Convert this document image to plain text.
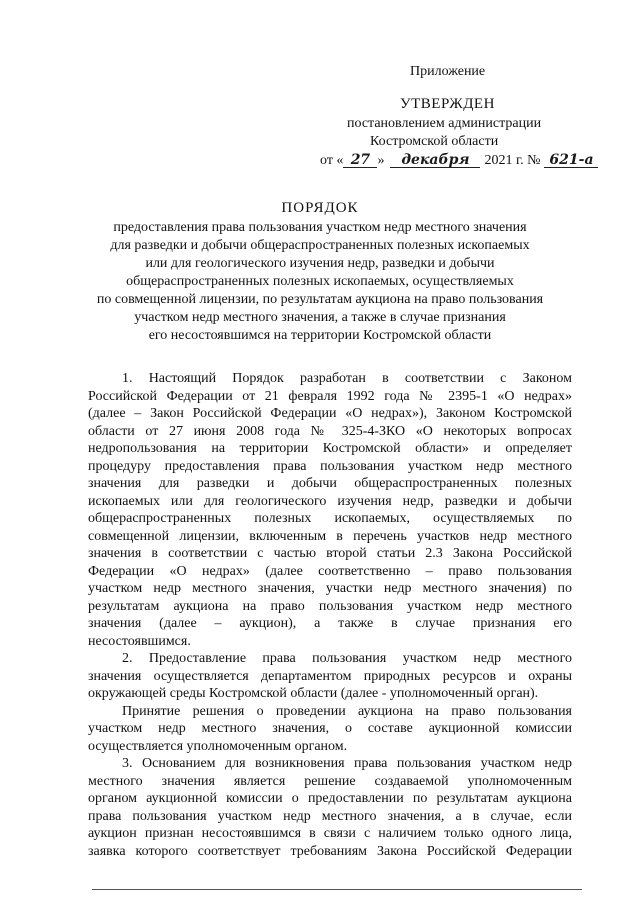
Приложение
УТВЕРЖДЕН
постановлением администрации
Костромской области
от « 27 » декабря 2021 г. № 621-а
ПОРЯДОК
предоставления права пользования участком недр местного значения
для разведки и добычи общераспространенных полезных ископаемых
или для геологического изучения недр, разведки и добычи
общераспространенных полезных ископаемых, осуществляемых
по совмещенной лицензии, по результатам аукциона на право пользования
участком недр местного значения, а также в случае признания
его несостоявшимся на территории Костромской области
1. Настоящий Порядок разработан в соответствии с Законом
Российской Федерации от 21 февраля 1992 года № 2395-1 «О недрах»
(далее – Закон Российской Федерации «О недрах»), Законом Костромской
области от 27 июня 2008 года № 325-4-ЗКО «О некоторых вопросах
недропользования на территории Костромской области» и определяет
процедуру предоставления права пользования участком недр местного
значения для разведки и добычи общераспространенных полезных
ископаемых или для геологического изучения недр, разведки и добычи
общераспространенных полезных ископаемых, осуществляемых по
совмещенной лицензии, включенным в перечень участков недр местного
значения в соответствии с частью второй статьи 2.3 Закона Российской
Федерации «О недрах» (далее соответственно – право пользования
участком недр местного значения, участки недр местного значения) по
результатам аукциона на право пользования участком недр местного
значения (далее – аукцион), а также в случае признания его
несостоявшимся.
2. Предоставление права пользования участком недр местного
значения осуществляется департаментом природных ресурсов и охраны
окружающей среды Костромской области (далее - уполномоченный орган).
Принятие решения о проведении аукциона на право пользования
участком недр местного значения, о составе аукционной комиссии
осуществляется уполномоченным органом.
3. Основанием для возникновения права пользования участком недр
местного значения является решение создаваемой уполномоченным
органом аукционной комиссии о предоставлении по результатам аукциона
права пользования участком недр местного значения, а в случае, если
аукцион признан несостоявшимся в связи с наличием только одного лица,
заявка которого соответствует требованиям Закона Российской Федерации
